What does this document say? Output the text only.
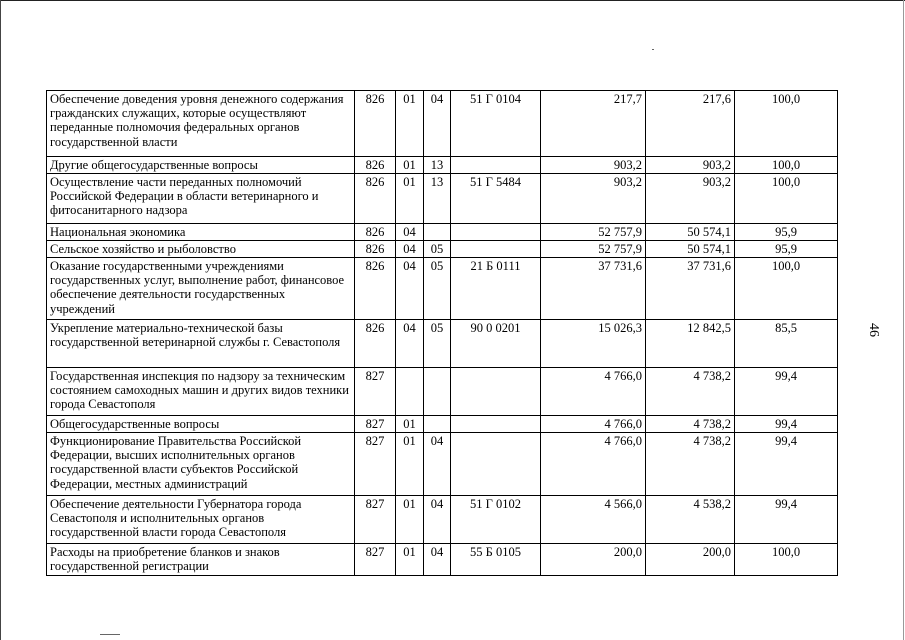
Обеспечение доведения уровня денежного содержания гражданских служащих, которые осуществляют переданные полномочия федеральных органов государственной власти	826	01	04	51 Г 0104	217,7	217,6	100,0
Другие общегосударственные вопросы	826	01	13		903,2	903,2	100,0
Осуществление части переданных полномочий Российской Федерации в области ветеринарного и фитосанитарного надзора	826	01	13	51 Г 5484	903,2	903,2	100,0
Национальная экономика	826	04			52 757,9	50 574,1	95,9
Сельское хозяйство и рыболовство	826	04	05		52 757,9	50 574,1	95,9
Оказание государственными учреждениями государственных услуг, выполнение работ, финансовое обеспечение деятельности государственных учреждений	826	04	05	21 Б 0111	37 731,6	37 731,6	100,0
Укрепление материально-технической базы государственной ветеринарной службы г. Севастополя	826	04	05	90 0 0201	15 026,3	12 842,5	85,5
Государственная инспекция по надзору за техническим состоянием самоходных машин и других видов техники города Севастополя	827				4 766,0	4 738,2	99,4
Общегосударственные вопросы	827	01			4 766,0	4 738,2	99,4
Функционирование Правительства Российской Федерации, высших исполнительных органов государственной власти субъектов Российской Федерации, местных администраций	827	01	04		4 766,0	4 738,2	99,4
Обеспечение деятельности Губернатора города Севастополя и исполнительных органов государственной власти города Севастополя	827	01	04	51 Г 0102	4 566,0	4 538,2	99,4
Расходы на приобретение бланков и знаков государственной регистрации	827	01	04	55 Б 0105	200,0	200,0	100,0
46
